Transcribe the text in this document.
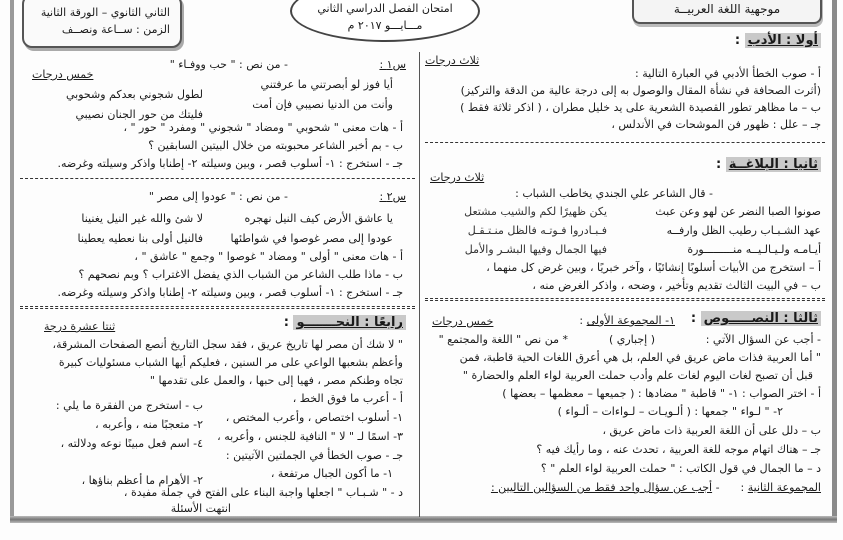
الثاني الثانوي – الورقة الثانية
الزمن : ســاعة ونصــف
امتحان الفصل الدراسي الثاني
مـــايـــو ٢٠١٧ م
موجهية اللغة العربيــة
أولا : الأدب :
ثلاث درجات
أ - صوب الخطأ الأدبي في العبارة التالية :
(أثرت الصحافة في نشأة المقال والوصول به إلى درجة عالية من الدقة والتركيز)
ب – ما مظاهر تطور القصيدة الشعرية على يد خليل مطران ، ( اذكر ثلاثة فقط )
جـ – علل : ظهور فن الموشحات في الأندلس ،
ثانيا : البلاغــة :
ثلاث درجات
- قال الشاعر علي الجندي يخاطب الشباب :
صونوا الصبا النضر عن لهو وعن عبث
يكن ظهيرًا لكم والشيب مشتعل
عهد الشـبـاب رطيب الظل وارفــه
فـبـادروا فـوتـه فالظل منـتـقـل
أيـامـه ولـيـالـيــه منـــــــــورة
فيها الجمال وفيها البشـر والأمل
أ – استخرج من الأبيات أسلوبًا إنشائيًا ، وآخر خبريًا ، وبين غرض كل منهما ،
ب – في البيت الثالث تقديم وتأخير ، وضحه ، واذكر الغرض منه ،
ثالثا : النصـــــوص :
١- المجموعة الأولى :
خمس درجات
- أجب عن السؤال الآتي :
( إجباري )
* من نص " اللغة والمجتمع "
" أما العربية فذات ماض عريق في العلم، بل هي أعرق اللغات الحية قاطبة، فمن
قبل أن تصبح لغات اليوم لغات علم وأدب حملت العربية لواء العلم والحضارة "
أ - اختر الصواب : ١- " قاطبة " مضادها : ( جميعها – معظمها – بعضها )
٢- " لـواء " جمعها : ( ألـويـات – لـواءات – ألـواء )
ب – دلل على أن اللغة العربية ذات ماض عريق ،
جـ – هناك اتهام موجه للغة العربية ، تحدث عنه ، وما رأيك فيه ؟
د – ما الجمال في قول الكاتب : " حملت العربية لواء العلم " ؟
المجموعة الثانية :      - أجب عن سؤال واحد فقط من السؤالين التاليين :
س١ :
- من نص : " حب ووفـاء "
خمس درجات
أيا فوز لو أبصرتني ما عرفتني
لطول شجوني بعدكم وشحوبي
وأنت من الدنيا نصيبي فإن أمت
فليتك من حور الجنان نصيبي
أ - هات معنى " شحوبي " ومضاد " شجوني " ومفرد " حور " ،
ب - بم أخبر الشاعر محبوبته من خلال البيتين السابقين ؟
جـ - استخرج : ١- أسلوب قصر ، وبين وسيلته ٢- إطنابا واذكر وسيلته وغرضه.
س٢ :
- من نص : " عودوا إلى مصر "
يا عاشق الأرض كيف النيل نهجره
لا شئ والله غير النيل يغنينا
عودوا إلى مصر غوصوا في شواطئها
فالنيل أولى بنا نعطيه يعطينا
أ - هات معنى " أولى " ومضاد " غوصوا " وجمع " عاشق " ،
ب - ماذا طلب الشاعر من الشباب الذي يفضل الاغتراب ؟ وبم نصحهم ؟
جـ - استخرج : ١- أسلوب قصر ، وبين وسيلته ٢- إطنابا واذكر وسيلته وغرضه.
رابعًا : النحـــــــو :
ثنتا عشرة درجة
" لا شك أن مصر لها تاريخ عريق ، فقد سجل التاريخ أنصع الصفحات المشرقة،
وأعظم بشعبها الواعي على مر السنين ، فعليكم أيها الشباب مسئوليات كبيرة
تجاه وطنكم مصر ، فهيا إلى حبها ، والعمل على تقدمها "
أ - أعرب ما فوق الخط ،
ب - استخرج من الفقرة ما يلي :
١- أسلوب اختصاص ، وأعرب المختص ،
٢- متعجبًا منه ، وأعربه ،
٣- اسمًا لـ " لا " النافية للجنس ، وأعربه ،
٤- اسم فعل مبينًا نوعه ودلالته ،
جـ - صوب الخطأ في الجملتين الآتيتين :
١- ما أكون الجبال مرتفعة ،
٢- الأهرام ما أعظم بناؤها ،
د - " شـبـاب " اجعلها واجبة البناء على الفتح في جملة مفيدة ،
انتهت الأسئلة
